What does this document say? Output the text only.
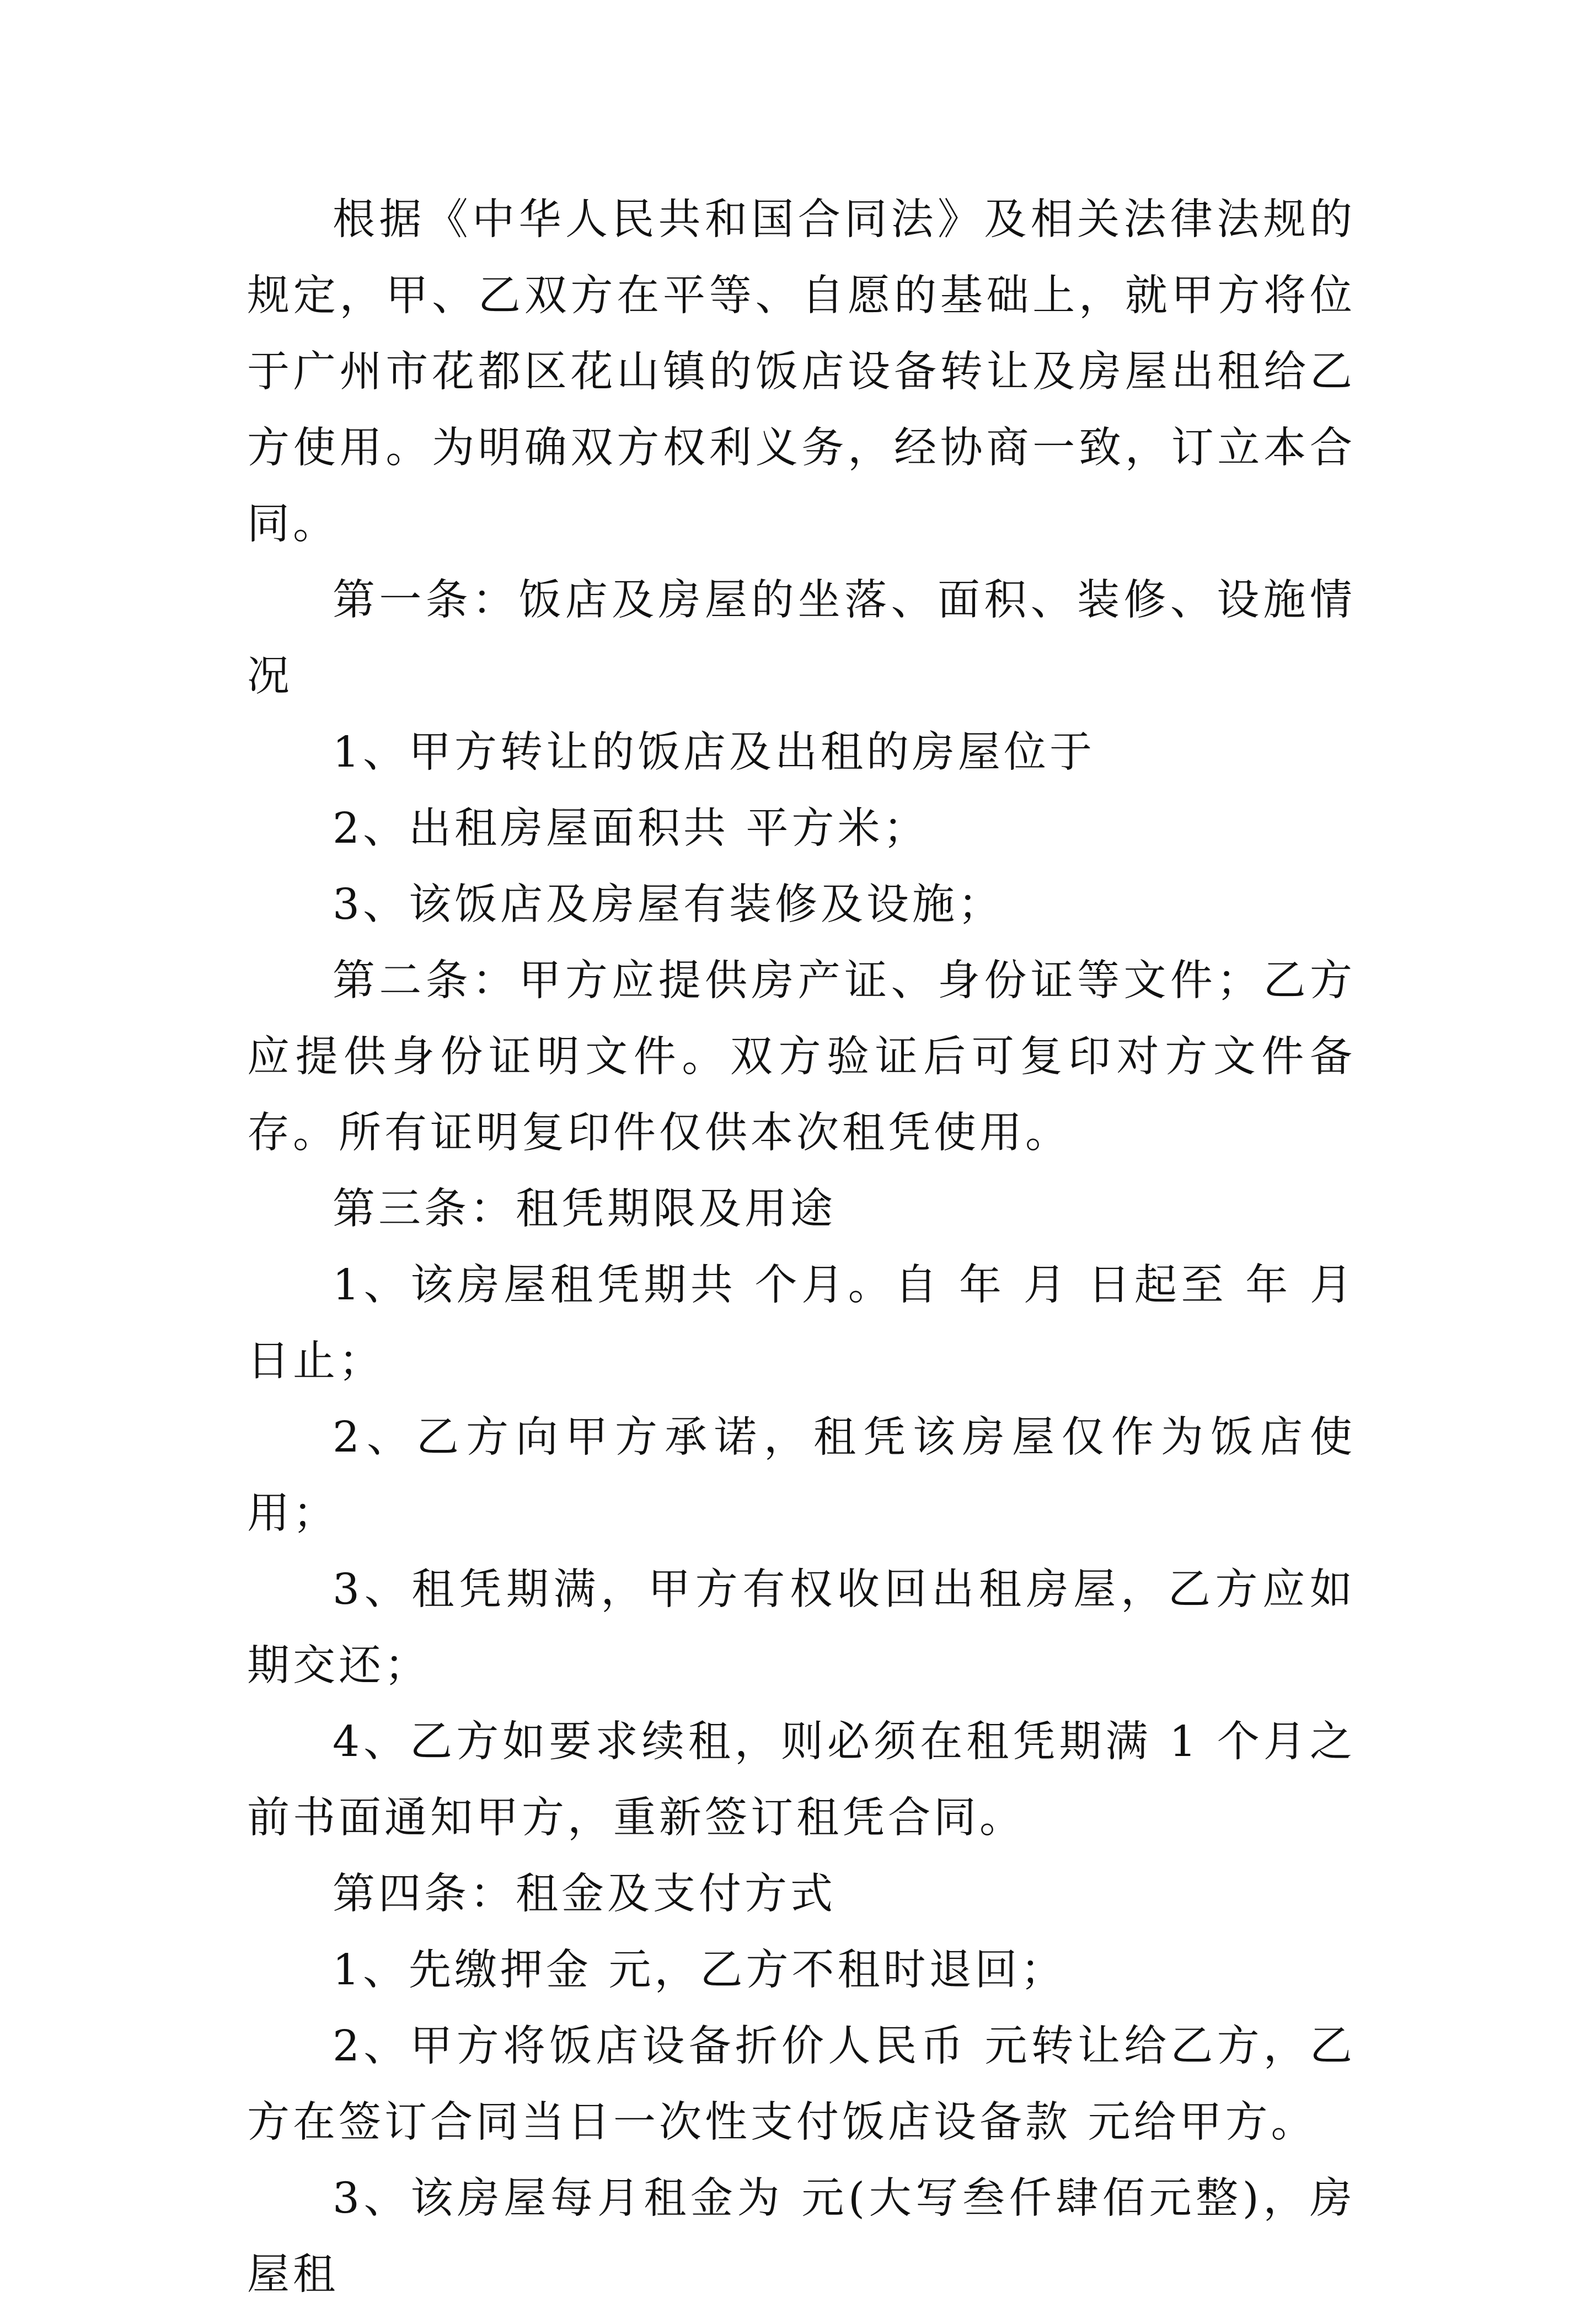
根据《中华人民共和国合同法》及相关法律法规的规定，甲、乙双方在平等、自愿的基础上，就甲方将位于广州市花都区花山镇的饭店设备转让及房屋出租给乙方使用。为明确双方权利义务，经协商一致，订立本合同。

第一条：饭店及房屋的坐落、面积、装修、设施情况

1、甲方转让的饭店及出租的房屋位于

2、出租房屋面积共 平方米；

3、该饭店及房屋有装修及设施；

第二条：甲方应提供房产证、身份证等文件；乙方应提供身份证明文件。双方验证后可复印对方文件备存。所有证明复印件仅供本次租凭使用。

第三条：租凭期限及用途

1、该房屋租凭期共 个月。自 年 月 日起至 年 月 日止；

2、乙方向甲方承诺，租凭该房屋仅作为饭店使用；

3、租凭期满，甲方有权收回出租房屋，乙方应如期交还；

4、乙方如要求续租，则必须在租凭期满 1 个月之前书面通知甲方，重新签订租凭合同。

第四条：租金及支付方式

1、先缴押金 元，乙方不租时退回；

2、甲方将饭店设备折价人民币 元转让给乙方，乙方在签订合同当日一次性支付饭店设备款 元给甲方。

3、该房屋每月租金为 元(大写叁仟肆佰元整)，房屋租
